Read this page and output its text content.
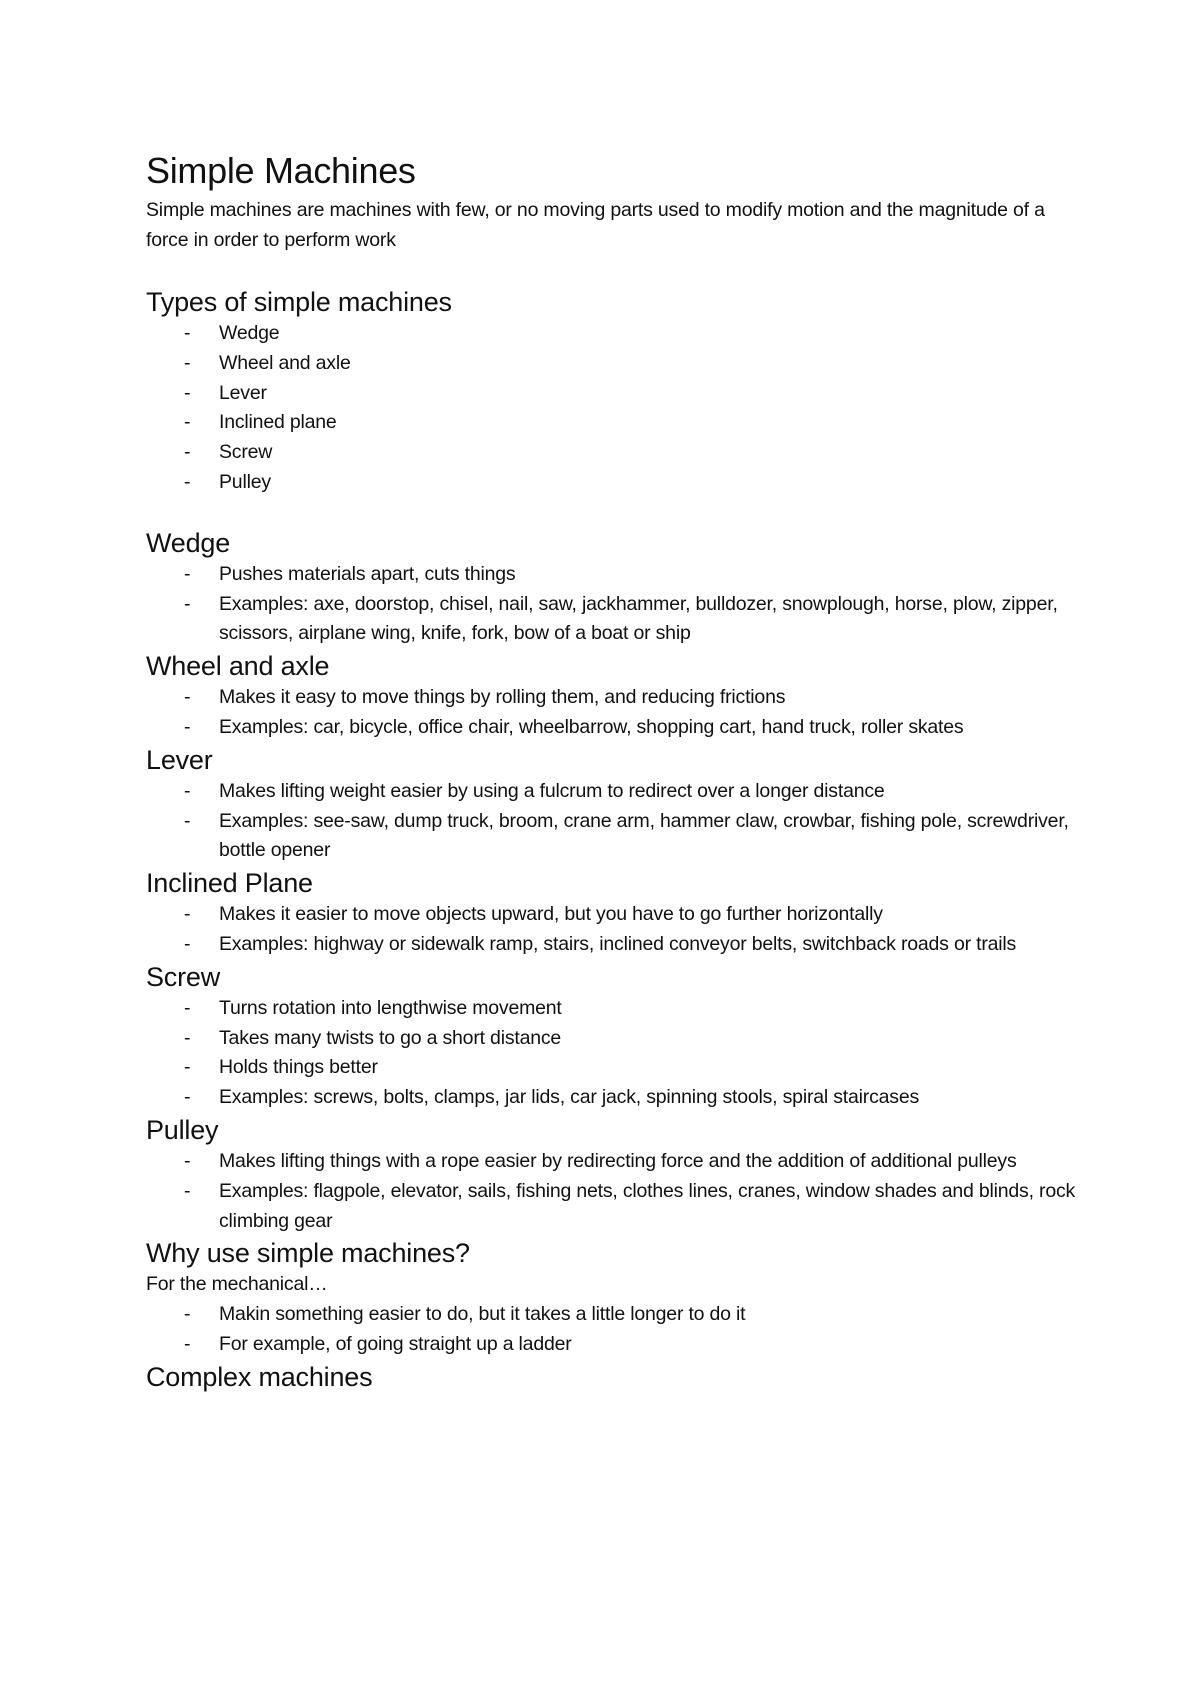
Simple Machines

Simple machines are machines with few, or no moving parts used to modify motion and the magnitude of a force in order to perform work

Types of simple machines
- Wedge
- Wheel and axle
- Lever
- Inclined plane
- Screw
- Pulley
Wedge
- Pushes materials apart, cuts things
- Examples: axe, doorstop, chisel, nail, saw, jackhammer, bulldozer, snowplough, horse, plow, zipper, scissors, airplane wing, knife, fork, bow of a boat or ship
Wheel and axle
- Makes it easy to move things by rolling them, and reducing frictions
- Examples: car, bicycle, office chair, wheelbarrow, shopping cart, hand truck, roller skates
Lever
- Makes lifting weight easier by using a fulcrum to redirect over a longer distance
- Examples: see-saw, dump truck, broom, crane arm, hammer claw, crowbar, fishing pole, screwdriver, bottle opener
Inclined Plane
- Makes it easier to move objects upward, but you have to go further horizontally
- Examples: highway or sidewalk ramp, stairs, inclined conveyor belts, switchback roads or trails
Screw
- Turns rotation into lengthwise movement
- Takes many twists to go a short distance
- Holds things better
- Examples: screws, bolts, clamps, jar lids, car jack, spinning stools, spiral staircases
Pulley
- Makes lifting things with a rope easier by redirecting force and the addition of additional pulleys
- Examples: flagpole, elevator, sails, fishing nets, clothes lines, cranes, window shades and blinds, rock climbing gear
Why use simple machines?

For the mechanical…

- Makin something easier to do, but it takes a little longer to do it
- For example, of going straight up a ladder
Complex machines
